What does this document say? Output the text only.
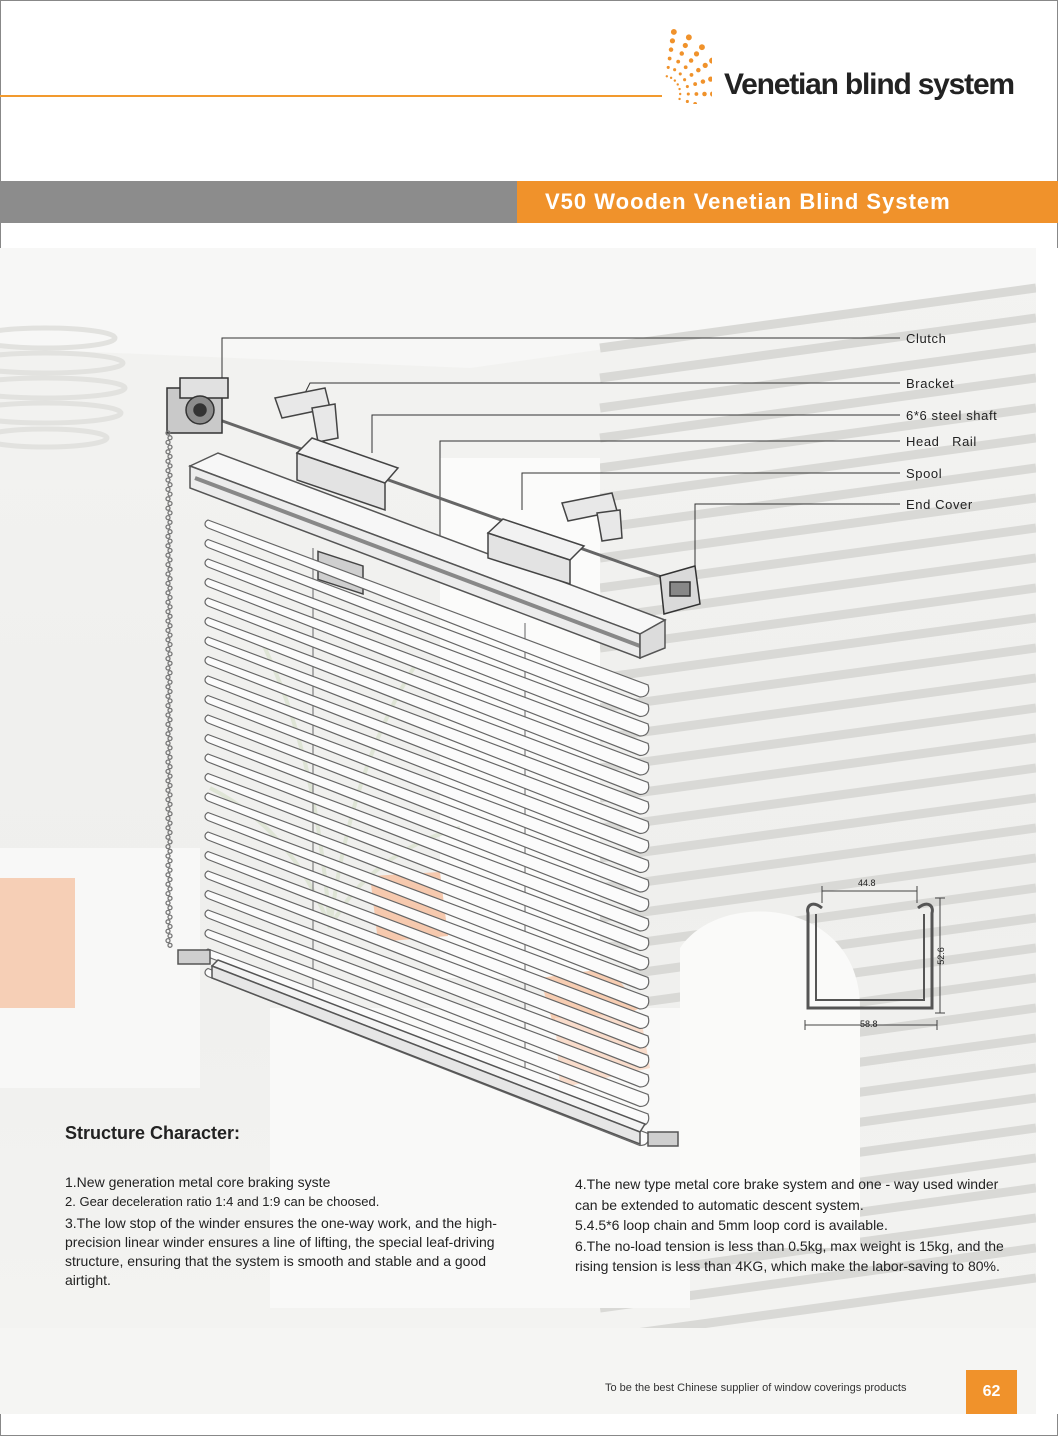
Venetian blind system
V50 Wooden Venetian Blind System
Clutch
Bracket
6*6 steel shaft
Head   Rail
Spool
End Cover
44.8
52.6
58.8
Structure Character:

1.New generation metal core braking syste

2. Gear deceleration ratio 1:4 and 1:9 can be choosed.

3.The low stop of the winder ensures the one-way work, and the high-precision linear winder ensures a line of lifting, the special leaf-driving structure, ensuring that the system is smooth and stable and a good airtight.

4.The new type metal core brake system and one - way used winder can be extended to automatic descent system.

5.4.5*6 loop chain and 5mm loop cord is available.

6.The no-load tension is less than 0.5kg, max weight is 15kg, and the rising tension is less than 4KG, which make the labor-saving to 80%.

To be the best Chinese supplier of window coverings products	62
